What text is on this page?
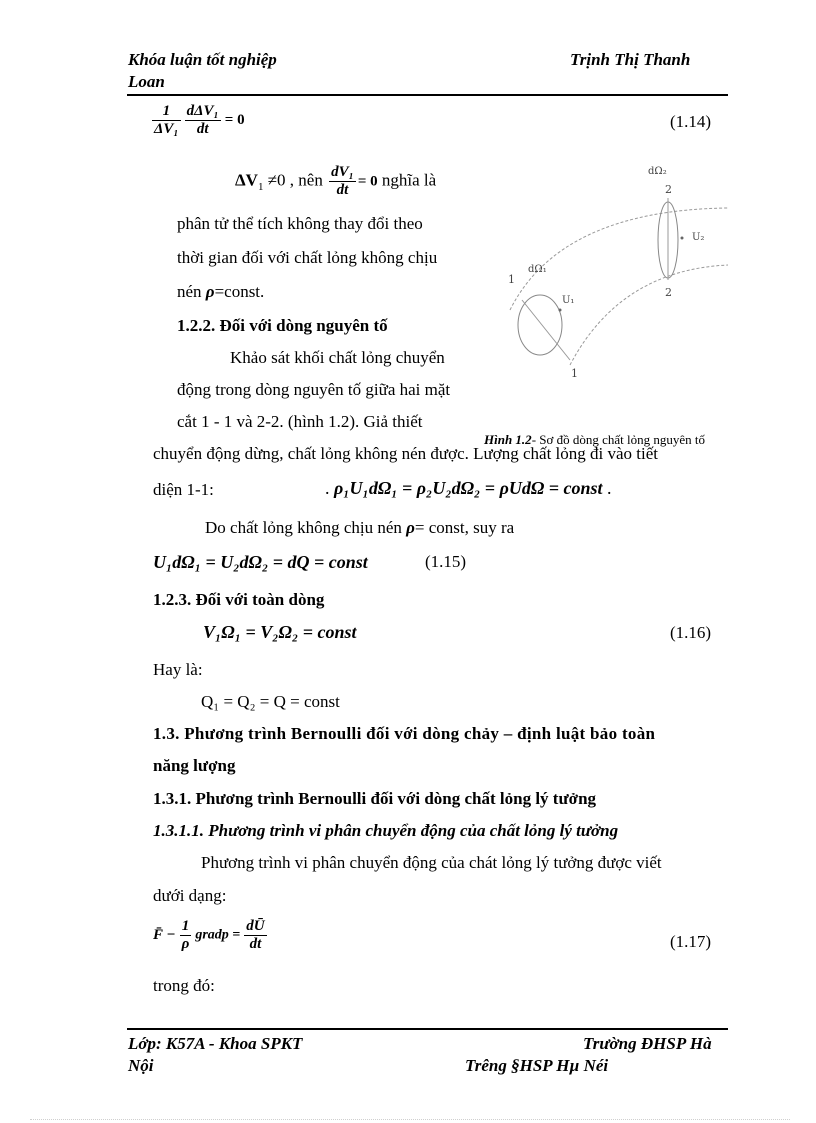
Khóa luận tốt nghiệp
Loan
Trịnh Thị Thanh
$\frac{1}{\text{ΔV₁}}$
$\frac{\text{dΔV₁}}{dt} = 0$	(1.14)
$\Delta V_1 \ne 0$ , nên $\frac{\text{dV₁}}{dt} = 0$ nghĩa là
phân tử thể tích không thay đổi theo
thời gian đối với chất lỏng không chịu
nén ρ=const.
1.2.2. Đối với dòng nguyên tố
Khảo sát khối chất lỏng chuyển
động trong dòng nguyên tố giữa hai mặt
cắt 1 - 1 và 2-2. (hình 1.2). Giả thiết
chuyển động dừng, chất lỏng không nén được. Lượng chất lỏng đi vào tiết
diện 1-1:	. ρ₁U₁dΩ₁ = ρ₂U₂dΩ₂ = ρUdΩ = const .
Do chất lỏng không chịu nén ρ= const, suy ra
U₁dΩ₁ = U₂dΩ₂ = dQ = const	(1.15)
dΩ₂
2
U₂
2
dΩ₁
1
U₁
1
Hình 1.2- Sơ đồ dòng chất lỏng nguyên tố
1.2.3. Đối với toàn dòng
V₁Ω₁ = V₂Ω₂ = const	(1.16)
Hay là:
Q₁ = Q₂ = Q = const
1.3. Phương trình Bernoulli đối với dòng chảy – định luật bảo toàn
năng lượng
1.3.1. Phương trình Bernoulli đối với dòng chất lỏng lý tưởng
1.3.1.1. Phương trình vi phân chuyển động của chất lỏng lý tưởng
Phương trình vi phân chuyển động của chát lỏng lý tưởng được viết
dưới dạng:
F̄ − $\frac{1}{\rho}$ gradp = $\frac{dŪ}{dt}$	(1.17)
trong đó:
Lớp: K57A - Khoa SPKT
Nội
Trường ĐHSP Hà
Trêng §HSP Hµ Néi
